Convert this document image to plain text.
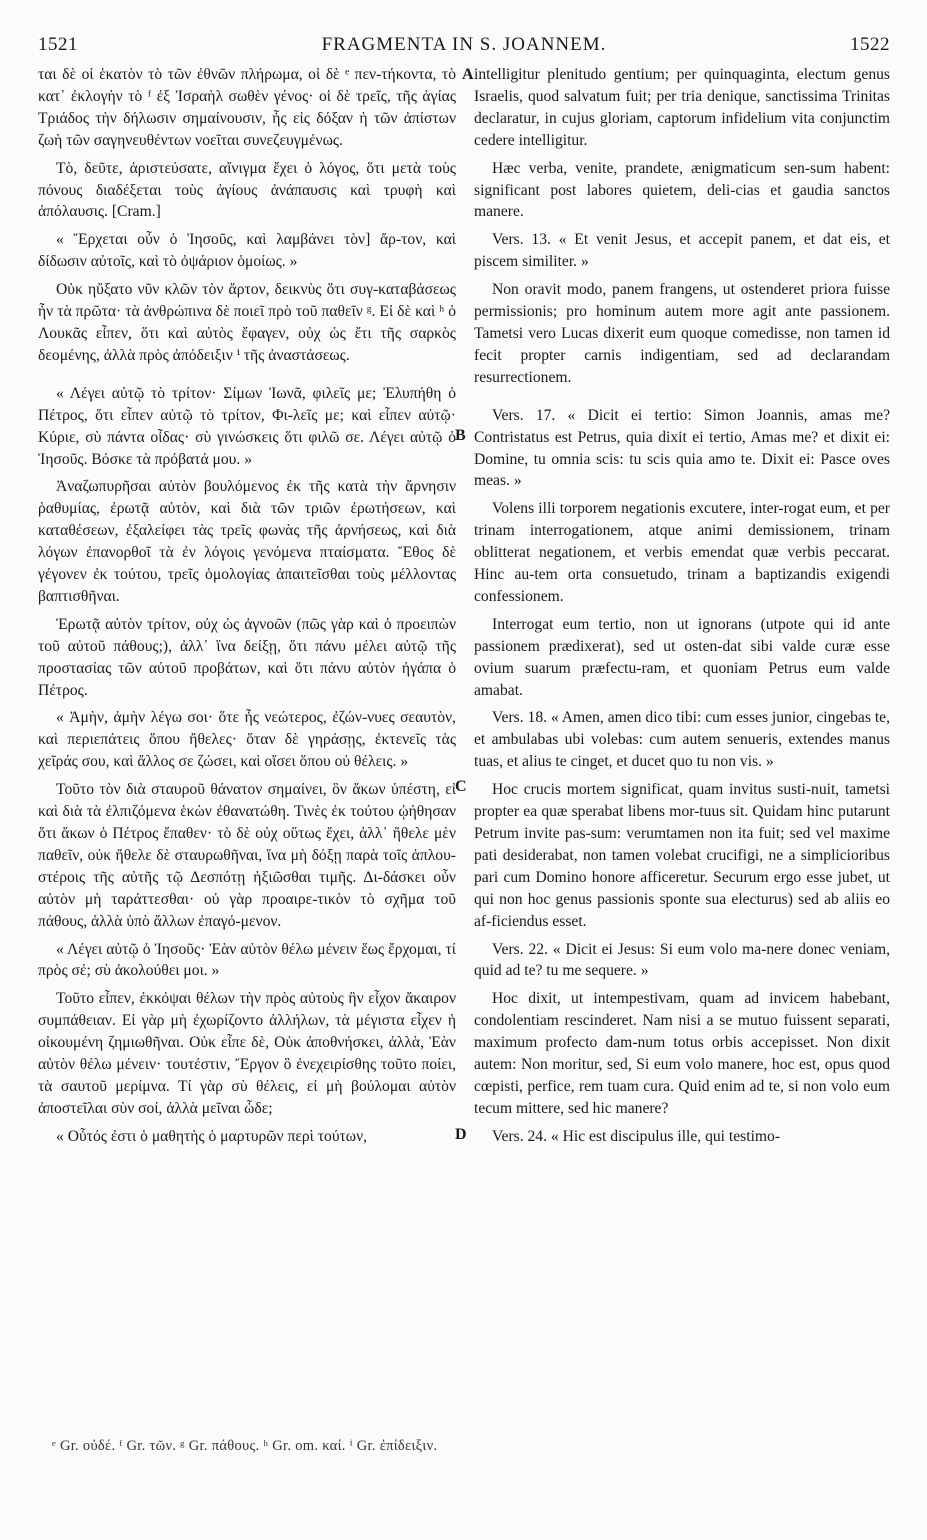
1521	FRAGMENTA IN S. JOANNEM.	1522

ται δὲ οἱ ἑκατὸν τὸ τῶν ἐθνῶν πλήρωμα, οἱ δὲ ᵉ πεν-τήκοντα, τὸ κατ᾿ ἐκλογὴν τὸ ᶠ ἐξ Ἰσραὴλ σωθὲν γένος· οἱ δὲ τρεῖς, τῆς ἁγίας Τριάδος τὴν δήλωσιν σημαίνουσιν, ἧς εἰς δόξαν ἡ τῶν ἀπίστων ζωὴ τῶν σαγηνευθέντων νοεῖται συνεζευγμένως.

Τὸ, δεῦτε, ἀριστεύσατε, αἴνιγμα ἔχει ὁ λόγος, ὅτι μετὰ τοὺς πόνους διαδέξεται τοὺς ἁγίους ἀνάπαυσις καὶ τρυφὴ καὶ ἀπόλαυσις. [Cram.]

« Ἔρχεται οὖν ὁ Ἰησοῦς, καὶ λαμβάνει τὸν] ἄρ-τον, καὶ δίδωσιν αὐτοῖς, καὶ τὸ ὀψάριον ὁμοίως. »

Οὐκ ηὔξατο νῦν κλῶν τὸν ἄρτον, δεικνὺς ὅτι συγ-καταβάσεως ἦν τὰ πρῶτα· τὰ ἀνθρώπινα δὲ ποιεῖ πρὸ τοῦ παθεῖν ᵍ. Εἰ δὲ καὶ ʰ ὁ Λουκᾶς εἶπεν, ὅτι καὶ αὐτὸς ἔφαγεν, οὐχ ὡς ἔτι τῆς σαρκὸς δεομένης, ἀλλὰ πρὸς ἀπόδειξιν ⁱ τῆς ἀναστάσεως.

« Λέγει αὐτῷ τὸ τρίτον· Σίμων Ἰωνᾶ, φιλεῖς με; Ἐλυπήθη ὁ Πέτρος, ὅτι εἶπεν αὐτῷ τὸ τρίτον, Φι-λεῖς με; καὶ εἶπεν αὐτῷ· Κύριε, σὺ πάντα οἶδας· σὺ γινώσκεις ὅτι φιλῶ σε. Λέγει αὐτῷ ὁ Ἰησοῦς. Βόσκε τὰ πρόβατά μου. »

Ἀναζωπυρῆσαι αὐτὸν βουλόμενος ἐκ τῆς κατὰ τὴν ἄρνησιν ῥαθυμίας, ἐρωτᾷ αὐτὸν, καὶ διὰ τῶν τριῶν ἐρωτήσεων, καὶ καταθέσεων, ἐξαλείφει τὰς τρεῖς φωνὰς τῆς ἀρνήσεως, καὶ διὰ λόγων ἐπανορθοῖ τὰ ἐν λόγοις γενόμενα πταίσματα. Ἔθος δὲ γέγονεν ἐκ τούτου, τρεῖς ὁμολογίας ἀπαιτεῖσθαι τοὺς μέλλοντας βαπτισθῆναι.

Ἐρωτᾷ αὐτὸν τρίτον, οὐχ ὡς ἀγνοῶν (πῶς γὰρ καὶ ὁ προειπὼν τοῦ αὐτοῦ πάθους;), ἀλλ᾿ ἵνα δείξῃ, ὅτι πάνυ μέλει αὐτῷ τῆς προστασίας τῶν αὐτοῦ προβάτων, καὶ ὅτι πάνυ αὐτὸν ἠγάπα ὁ Πέτρος.

« Ἀμὴν, ἀμὴν λέγω σοι· ὅτε ἧς νεώτερος, ἐζών-νυες σεαυτὸν, καὶ περιεπάτεις ὅπου ἤθελες· ὅταν δὲ γηράσῃς, ἐκτενεῖς τὰς χεῖράς σου, καὶ ἄλλος σε ζώσει, καὶ οἴσει ὅπου οὐ θέλεις. »

Τοῦτο τὸν διὰ σταυροῦ θάνατον σημαίνει, ὃν ἄκων ὑπέστη, εἰ καὶ διὰ τὰ ἐλπιζόμενα ἑκὼν ἐθανατώθη. Τινὲς ἐκ τούτου ᾠήθησαν ὅτι ἄκων ὁ Πέτρος ἔπαθεν· τὸ δὲ οὐχ οὕτως ἔχει, ἀλλ᾿ ἤθελε μὲν παθεῖν, οὐκ ἤθελε δὲ σταυρωθῆναι, ἵνα μὴ δόξῃ παρὰ τοῖς ἁπλου-στέροις τῆς αὐτῆς τῷ Δεσπότῃ ἠξιῶσθαι τιμῆς. Δι-δάσκει οὖν αὐτὸν μὴ ταράττεσθαι· οὐ γὰρ προαιρε-τικὸν τὸ σχῆμα τοῦ πάθους, ἀλλὰ ὑπὸ ἄλλων ἐπαγό-μενον.

« Λέγει αὐτῷ ὁ Ἰησοῦς· Ἐὰν αὐτὸν θέλω μένειν ἕως ἔρχομαι, τί πρὸς σέ; σὺ ἀκολούθει μοι. »

Τοῦτο εἶπεν, ἐκκόψαι θέλων τὴν πρὸς αὐτοὺς ἣν εἶχον ἄκαιρον συμπάθειαν. Εἰ γὰρ μὴ ἐχωρίζοντο ἀλλήλων, τὰ μέγιστα εἶχεν ἡ οἰκουμένη ζημιωθῆναι. Οὐκ εἶπε δὲ, Οὐκ ἀποθνήσκει, ἀλλὰ, Ἐὰν αὐτὸν θέλω μένειν· τουτέστιν, Ἔργον ὃ ἐνεχειρίσθης τοῦτο ποίει, τὰ σαυτοῦ μερίμνα. Τί γὰρ σὺ θέλεις, εἰ μὴ βούλομαι αὐτὸν ἀποστεῖλαι σὺν σοί, ἀλλὰ μεῖναι ὧδε;

« Οὗτός ἐστι ὁ μαθητὴς ὁ μαρτυρῶν περὶ τούτων,

A
B
C
D

intelligitur plenitudo gentium; per quinquaginta, electum genus Israelis, quod salvatum fuit; per tria denique, sanctissima Trinitas declaratur, in cujus gloriam, captorum infidelium vita conjunctim cedere intelligitur.

Hæc verba, venite, prandete, ænigmaticum sen-sum habent: significant post labores quietem, deli-cias et gaudia sanctos manere.

Vers. 13. « Et venit Jesus, et accepit panem, et dat eis, et piscem similiter. »

Non oravit modo, panem frangens, ut ostenderet priora fuisse permissionis; pro hominum autem more agit ante passionem. Tametsi vero Lucas dixerit eum quoque comedisse, non tamen id fecit propter carnis indigentiam, sed ad declarandam resurrectionem.

Vers. 17. « Dicit ei tertio: Simon Joannis, amas me? Contristatus est Petrus, quia dixit ei tertio, Amas me? et dixit ei: Domine, tu omnia scis: tu scis quia amo te. Dixit ei: Pasce oves meas. »

Volens illi torporem negationis excutere, inter-rogat eum, et per trinam interrogationem, atque animi demissionem, trinam oblitterat negationem, et verbis emendat quæ verbis peccarat. Hinc au-tem orta consuetudo, trinam a baptizandis exigendi confessionem.

Interrogat eum tertio, non ut ignorans (utpote qui id ante passionem prædixerat), sed ut osten-dat sibi valde curæ esse ovium suarum præfectu-ram, et quoniam Petrus eum valde amabat.

Vers. 18. « Amen, amen dico tibi: cum esses junior, cingebas te, et ambulabas ubi volebas: cum autem senueris, extendes manus tuas, et alius te cinget, et ducet quo tu non vis. »

Hoc crucis mortem significat, quam invitus susti-nuit, tametsi propter ea quæ sperabat libens mor-tuus sit. Quidam hinc putarunt Petrum invite pas-sum: verumtamen non ita fuit; sed vel maxime pati desiderabat, non tamen volebat crucifigi, ne a simplicioribus pari cum Domino honore afficeretur. Securum ergo esse jubet, ut qui non hoc genus passionis sponte sua electurus) sed ab aliis eo af-ficiendus esset.

Vers. 22. « Dicit ei Jesus: Si eum volo ma-nere donec veniam, quid ad te? tu me sequere. »

Hoc dixit, ut intempestivam, quam ad invicem habebant, condolentiam rescinderet. Nam nisi a se mutuo fuissent separati, maximum profecto dam-num totus orbis accepisset. Non dixit autem: Non moritur, sed, Si eum volo manere, hoc est, opus quod cœpisti, perfice, rem tuam cura. Quid enim ad te, si non volo eum tecum mittere, sed hic manere?

Vers. 24. « Hic est discipulus ille, qui testimo-

ᵉ Gr. οὐδέ. ᶠ Gr. τῶν. ᵍ Gr. πάθους. ʰ Gr. om. καί. ⁱ Gr. ἐπίδειξιν.
